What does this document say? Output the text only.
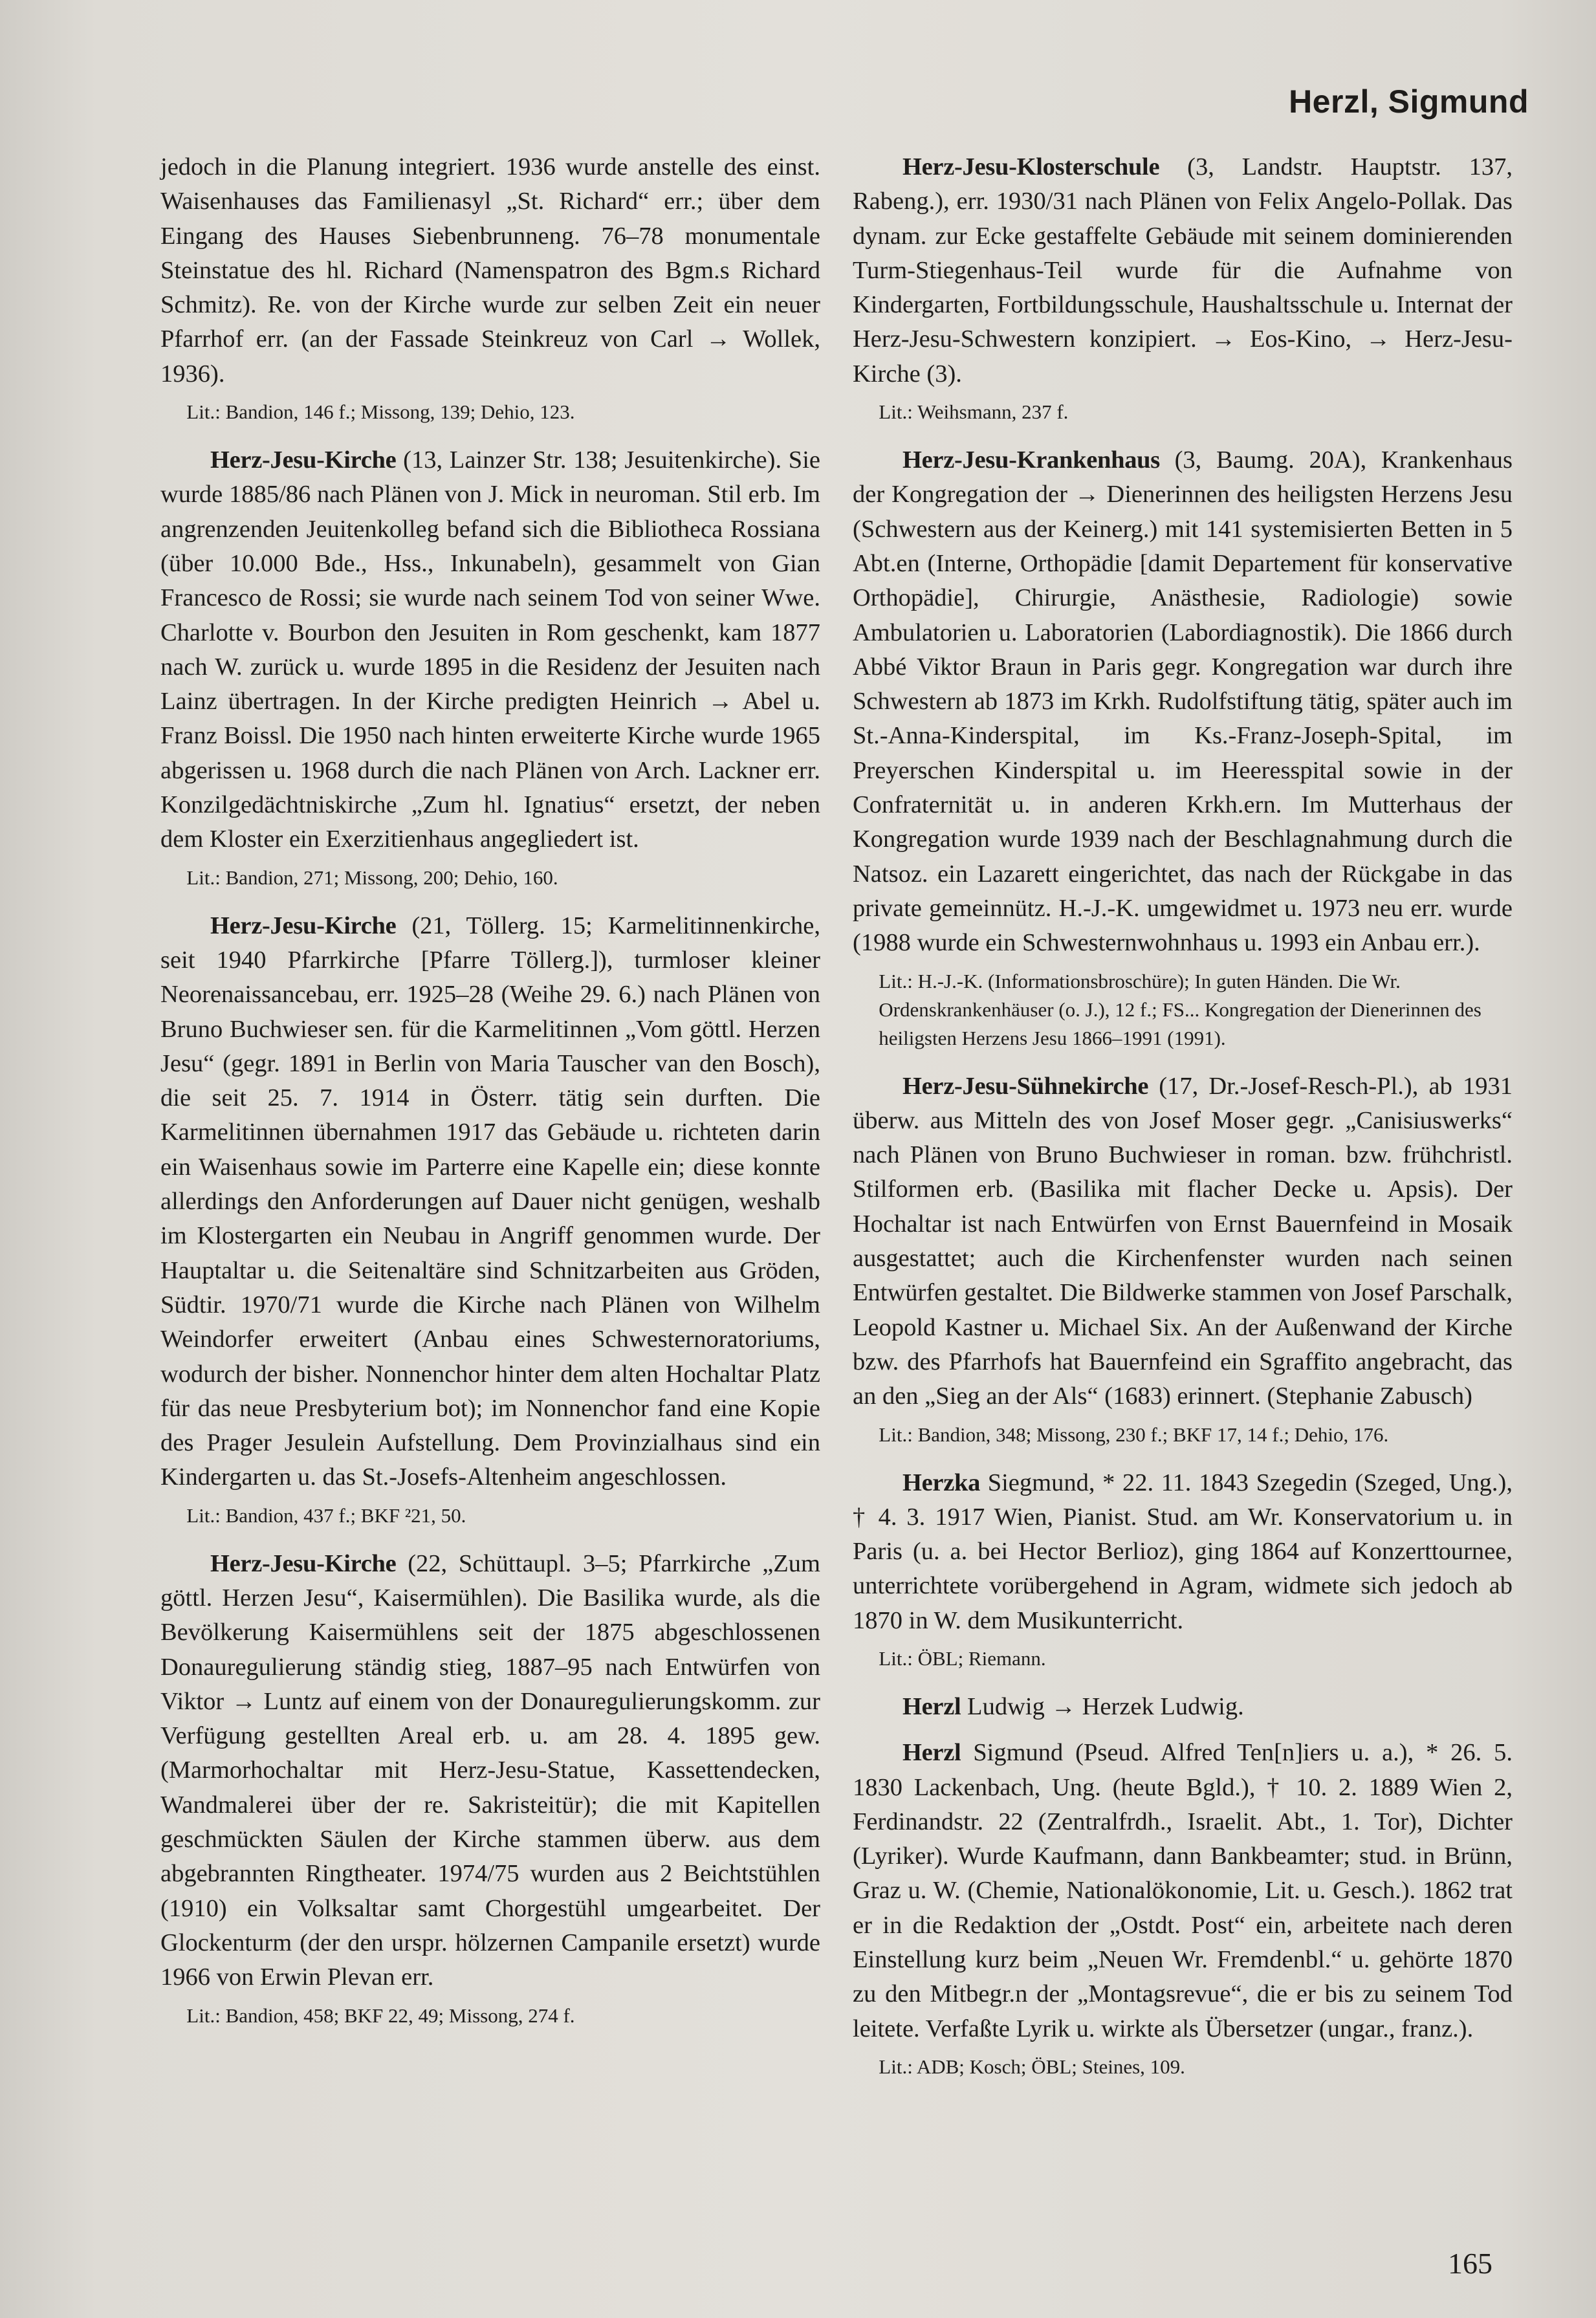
Herzl, Sigmund

jedoch in die Planung integriert. 1936 wurde anstelle des einst. Waisenhauses das Familienasyl „St. Richard“ err.; über dem Eingang des Hauses Siebenbrunneng. 76–78 monumentale Steinstatue des hl. Richard (Namenspatron des Bgm.s Richard Schmitz). Re. von der Kirche wurde zur selben Zeit ein neuer Pfarrhof err. (an der Fassade Steinkreuz von Carl → Wollek, 1936).

Lit.: Bandion, 146 f.; Missong, 139; Dehio, 123.

Herz-Jesu-Kirche (13, Lainzer Str. 138; Jesuitenkirche). Sie wurde 1885/86 nach Plänen von J. Mick in neuroman. Stil erb. Im angrenzenden Jeuitenkolleg befand sich die Bibliotheca Rossiana (über 10.000 Bde., Hss., Inkunabeln), gesammelt von Gian Francesco de Rossi; sie wurde nach seinem Tod von seiner Wwe. Charlotte v. Bourbon den Jesuiten in Rom geschenkt, kam 1877 nach W. zurück u. wurde 1895 in die Residenz der Jesuiten nach Lainz übertragen. In der Kirche predigten Heinrich → Abel u. Franz Boissl. Die 1950 nach hinten erweiterte Kirche wurde 1965 abgerissen u. 1968 durch die nach Plänen von Arch. Lackner err. Konzilgedächtniskirche „Zum hl. Ignatius“ ersetzt, der neben dem Kloster ein Exerzitienhaus angegliedert ist.

Lit.: Bandion, 271; Missong, 200; Dehio, 160.

Herz-Jesu-Kirche (21, Töllerg. 15; Karmelitinnenkirche, seit 1940 Pfarrkirche [Pfarre Töllerg.]), turmloser kleiner Neorenaissancebau, err. 1925–28 (Weihe 29. 6.) nach Plänen von Bruno Buchwieser sen. für die Karmelitinnen „Vom göttl. Herzen Jesu“ (gegr. 1891 in Berlin von Maria Tauscher van den Bosch), die seit 25. 7. 1914 in Österr. tätig sein durften. Die Karmelitinnen übernahmen 1917 das Gebäude u. richteten darin ein Waisenhaus sowie im Parterre eine Kapelle ein; diese konnte allerdings den Anforderungen auf Dauer nicht genügen, weshalb im Klostergarten ein Neubau in Angriff genommen wurde. Der Hauptaltar u. die Seitenaltäre sind Schnitzarbeiten aus Gröden, Südtir. 1970/71 wurde die Kirche nach Plänen von Wilhelm Weindorfer erweitert (Anbau eines Schwesternoratoriums, wodurch der bisher. Nonnenchor hinter dem alten Hochaltar Platz für das neue Presbyterium bot); im Nonnenchor fand eine Kopie des Prager Jesulein Aufstellung. Dem Provinzialhaus sind ein Kindergarten u. das St.-Josefs-Altenheim angeschlossen.

Lit.: Bandion, 437 f.; BKF ²21, 50.

Herz-Jesu-Kirche (22, Schüttaupl. 3–5; Pfarrkirche „Zum göttl. Herzen Jesu“, Kaisermühlen). Die Basilika wurde, als die Bevölkerung Kaisermühlens seit der 1875 abgeschlossenen Donauregulierung ständig stieg, 1887–95 nach Entwürfen von Viktor → Luntz auf einem von der Donauregulierungskomm. zur Verfügung gestellten Areal erb. u. am 28. 4. 1895 gew. (Marmorhochaltar mit Herz-Jesu-Statue, Kassettendecken, Wandmalerei über der re. Sakristeitür); die mit Kapitellen geschmückten Säulen der Kirche stammen überw. aus dem abgebrannten Ringtheater. 1974/75 wurden aus 2 Beichtstühlen (1910) ein Volksaltar samt Chorgestühl umgearbeitet. Der Glockenturm (der den urspr. hölzernen Campanile ersetzt) wurde 1966 von Erwin Plevan err.

Lit.: Bandion, 458; BKF 22, 49; Missong, 274 f.

Herz-Jesu-Klosterschule (3, Landstr. Hauptstr. 137, Rabeng.), err. 1930/31 nach Plänen von Felix Angelo-Pollak. Das dynam. zur Ecke gestaffelte Gebäude mit seinem dominierenden Turm-Stiegenhaus-Teil wurde für die Aufnahme von Kindergarten, Fortbildungsschule, Haushaltsschule u. Internat der Herz-Jesu-Schwestern konzipiert. → Eos-Kino, → Herz-Jesu-Kirche (3).

Lit.: Weihsmann, 237 f.

Herz-Jesu-Krankenhaus (3, Baumg. 20A), Krankenhaus der Kongregation der → Dienerinnen des heiligsten Herzens Jesu (Schwestern aus der Keinerg.) mit 141 systemisierten Betten in 5 Abt.en (Interne, Orthopädie [damit Departement für konservative Orthopädie], Chirurgie, Anästhesie, Radiologie) sowie Ambulatorien u. Laboratorien (Labordiagnostik). Die 1866 durch Abbé Viktor Braun in Paris gegr. Kongregation war durch ihre Schwestern ab 1873 im Krkh. Rudolfstiftung tätig, später auch im St.-Anna-Kinderspital, im Ks.-Franz-Joseph-Spital, im Preyerschen Kinderspital u. im Heeresspital sowie in der Confraternität u. in anderen Krkh.ern. Im Mutterhaus der Kongregation wurde 1939 nach der Beschlagnahmung durch die Natsoz. ein Lazarett eingerichtet, das nach der Rückgabe in das private gemeinnütz. H.-J.-K. umgewidmet u. 1973 neu err. wurde (1988 wurde ein Schwesternwohnhaus u. 1993 ein Anbau err.).

Lit.: H.-J.-K. (Informationsbroschüre); In guten Händen. Die Wr. Ordenskrankenhäuser (o. J.), 12 f.; FS... Kongregation der Dienerinnen des heiligsten Herzens Jesu 1866–1991 (1991).

Herz-Jesu-Sühnekirche (17, Dr.-Josef-Resch-Pl.), ab 1931 überw. aus Mitteln des von Josef Moser gegr. „Canisiuswerks“ nach Plänen von Bruno Buchwieser in roman. bzw. frühchristl. Stilformen erb. (Basilika mit flacher Decke u. Apsis). Der Hochaltar ist nach Entwürfen von Ernst Bauernfeind in Mosaik ausgestattet; auch die Kirchenfenster wurden nach seinen Entwürfen gestaltet. Die Bildwerke stammen von Josef Parschalk, Leopold Kastner u. Michael Six. An der Außenwand der Kirche bzw. des Pfarrhofs hat Bauernfeind ein Sgraffito angebracht, das an den „Sieg an der Als“ (1683) erinnert. (Stephanie Zabusch)

Lit.: Bandion, 348; Missong, 230 f.; BKF 17, 14 f.; Dehio, 176.

Herzka Siegmund, * 22. 11. 1843 Szegedin (Szeged, Ung.), † 4. 3. 1917 Wien, Pianist. Stud. am Wr. Konservatorium u. in Paris (u. a. bei Hector Berlioz), ging 1864 auf Konzerttournee, unterrichtete vorübergehend in Agram, widmete sich jedoch ab 1870 in W. dem Musikunterricht.

Lit.: ÖBL; Riemann.

Herzl Ludwig → Herzek Ludwig.

Herzl Sigmund (Pseud. Alfred Ten[n]iers u. a.), * 26. 5. 1830 Lackenbach, Ung. (heute Bgld.), † 10. 2. 1889 Wien 2, Ferdinandstr. 22 (Zentralfrdh., Israelit. Abt., 1. Tor), Dichter (Lyriker). Wurde Kaufmann, dann Bankbeamter; stud. in Brünn, Graz u. W. (Chemie, Nationalökonomie, Lit. u. Gesch.). 1862 trat er in die Redaktion der „Ostdt. Post“ ein, arbeitete nach deren Einstellung kurz beim „Neuen Wr. Fremdenbl.“ u. gehörte 1870 zu den Mitbegr.n der „Montagsrevue“, die er bis zu seinem Tod leitete. Verfaßte Lyrik u. wirkte als Übersetzer (ungar., franz.).

Lit.: ADB; Kosch; ÖBL; Steines, 109.

165
